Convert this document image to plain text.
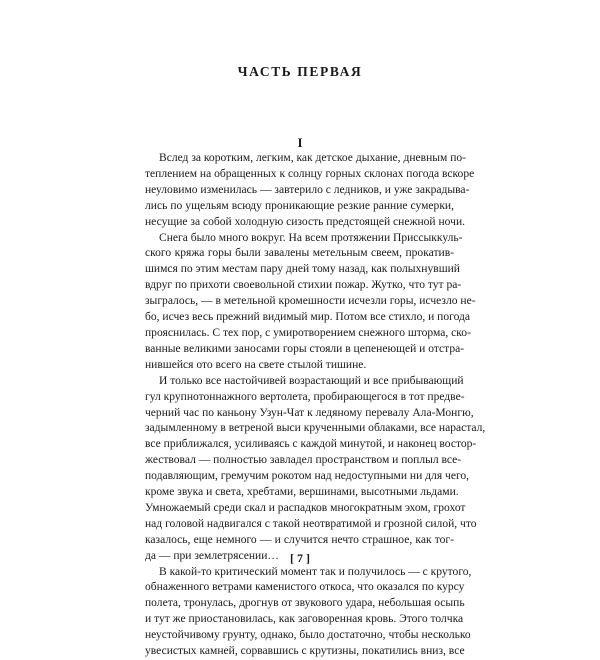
ЧАСТЬ ПЕРВАЯ
I
Вслед за коротким, легким, как детское дыхание, дневным по-
теплением на обращенных к солнцу горных склонах погода вскоре
неуловимо изменилась — завтерило с ледников, и уже закрадыва-
лись по ущельям всюду проникающие резкие ранние сумерки,
несущие за собой холодную сизость предстоящей снежной ночи.
Снега было много вокруг. На всем протяжении Приссыккуль-
ского кряжа горы были завалены метельным свеем, прокатив-
шимся по этим местам пару дней тому назад, как полыхнувший
вдруг по прихоти своевольной стихии пожар. Жутко, что тут ра-
зыгралось, — в метельной кромешности исчезли горы, исчезло не-
бо, исчез весь прежний видимый мир. Потом все стихло, и погода
прояснилась. С тех пор, с умиротворением снежного шторма, ско-
ванные великими заносами горы стояли в цепенеющей и отстра-
нившейся ото всего на свете стылой тишине.
И только все настойчивей возрастающий и все прибывающий
гул крупнотоннажного вертолета, пробирающегося в тот предве-
черний час по каньону Узун-Чат к ледяному перевалу Ала-Монгю,
задымленному в ветреной выси крученными облаками, все нарастал,
все приближался, усиливаясь с каждой минутой, и наконец востор-
жествовал — полностью завладел пространством и поплыл все-
подавляющим, гремучим рокотом над недоступными ни для чего,
кроме звука и света, хребтами, вершинами, высотными льдами.
Умножаемый среди скал и распадков многократным эхом, грохот
над головой надвигался с такой неотвратимой и грозной силой, что
казалось, еще немного — и случится нечто страшное, как тог-
да — при землетрясении…
В какой-то критический момент так и получилось — с крутого,
обнаженного ветрами каменистого откоса, что оказался по курсу
полета, тронулась, дрогнув от звукового удара, небольшая осыпь
и тут же приостановилась, как заговоренная кровь. Этого толчка
неустойчивому грунту, однако, было достаточно, чтобы несколько
увесистых камней, сорвавшись с крутизны, покатились вниз, все
[ 7 ]
